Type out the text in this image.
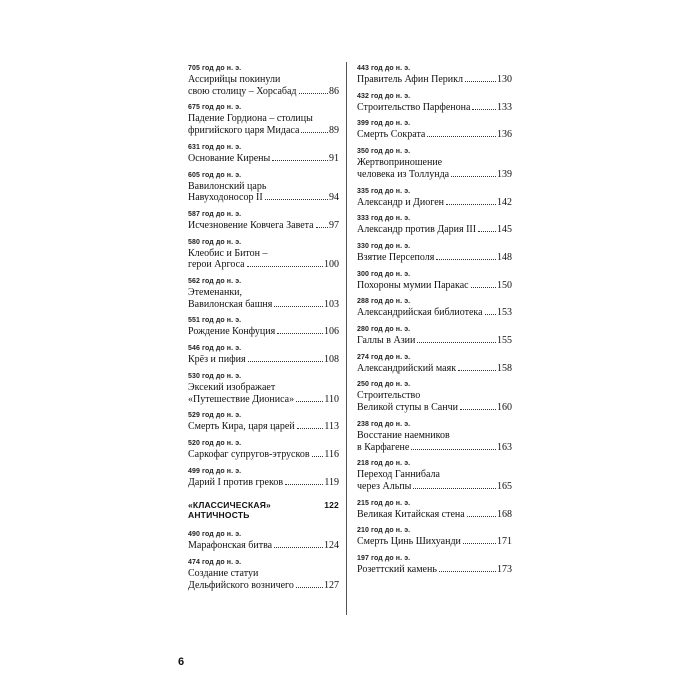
705 год до н. э.
Ассирийцы покинули
свою столицу – Хорсабад	86
675 год до н. э.
Падение Гордиона – столицы
фригийского царя Мидаса	89
631 год до н. э.
Основание Кирены	91
605 год до н. э.
Вавилонский царь
Навуходоносор II	94
587 год до н. э.
Исчезновение Ковчега Завета 97
580 год до н. э.
Клеобис и Битон –
герои Аргоса	100
562 год до н. э.
Этеменанки,
Вавилонская башня	103
551 год до н. э.
Рождение Конфуция	106
546 год до н. э.
Крёз и пифия	108
530 год до н. э.
Эксекий изображает
«Путешествие Диониса»	110
529 год до н. э.
Смерть Кира, царя царей	113
520 год до н. э.
Саркофаг супругов-этрусков 116
499 год до н. э.
Дарий I против греков	119
«КЛАССИЧЕСКАЯ» АНТИЧНОСТЬ
122
490 год до н. э.
Марафонская битва	124
474 год до н. э.
Создание статуи
Дельфийского возничего	127
443 год до н. э.
Правитель Афин Перикл	130
432 год до н. э.
Строительство Парфенона	133
399 год до н. э.
Смерть Сократа	136
350 год до н. э.
Жертвоприношение
человека из Толлунда	139
335 год до н. э.
Александр и Диоген	142
333 год до н. э.
Александр против Дария III 145
330 год до н. э.
Взятие Персеполя	148
300 год до н. э.
Похороны мумии Паракас	150
288 год до н. э.
Александрийская библиотека 153
280 год до н. э.
Галлы в Азии	155
274 год до н. э.
Александрийский маяк	158
250 год до н. э.
Строительство
Великой ступы в Санчи	160
238 год до н. э.
Восстание наемников
в Карфагене	163
218 год до н. э.
Переход Ганнибала
через Альпы	165
215 год до н. э.
Великая Китайская стена	168
210 год до н. э.
Смерть Цинь Шихуанди	171
197 год до н. э.
Розеттский камень	173
6
